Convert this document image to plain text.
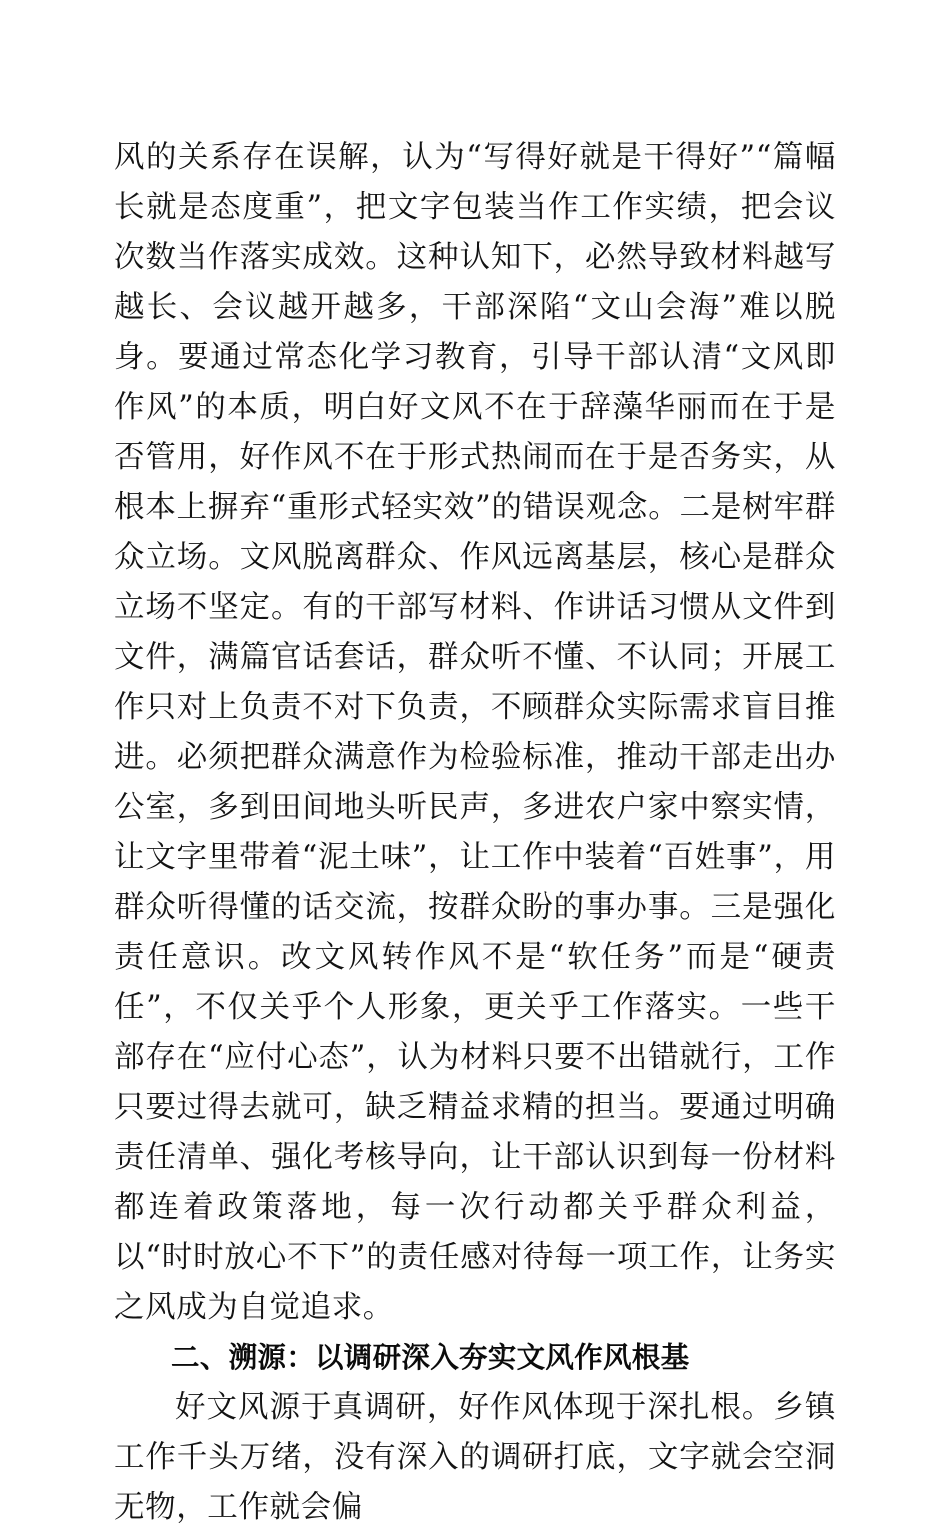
风的关系存在误解，认为“写得好就是干得好”“篇幅长就是态度重”，把文字包装当作工作实绩，把会议次数当作落实成效。这种认知下，必然导致材料越写越长、会议越开越多，干部深陷“文山会海”难以脱身。要通过常态化学习教育，引导干部认清“文风即作风”的本质，明白好文风不在于辞藻华丽而在于是否管用，好作风不在于形式热闹而在于是否务实，从根本上摒弃“重形式轻实效”的错误观念。二是树牢群众立场。文风脱离群众、作风远离基层，核心是群众立场不坚定。有的干部写材料、作讲话习惯从文件到文件，满篇官话套话，群众听不懂、不认同；开展工作只对上负责不对下负责，不顾群众实际需求盲目推进。必须把群众满意作为检验标准，推动干部走出办公室，多到田间地头听民声，多进农户家中察实情，让文字里带着“泥土味”，让工作中装着“百姓事”，用群众听得懂的话交流，按群众盼的事办事。三是强化责任意识。改文风转作风不是“软任务”而是“硬责任”，不仅关乎个人形象，更关乎工作落实。一些干部存在“应付心态”，认为材料只要不出错就行，工作只要过得去就可，缺乏精益求精的担当。要通过明确责任清单、强化考核导向，让干部认识到每一份材料都连着政策落地，每一次行动都关乎群众利益，以“时时放心不下”的责任感对待每一项工作，让务实之风成为自觉追求。

二、溯源：以调研深入夯实文风作风根基

好文风源于真调研，好作风体现于深扎根。乡镇工作千头万绪，没有深入的调研打底，文字就会空洞无物，工作就会偏
